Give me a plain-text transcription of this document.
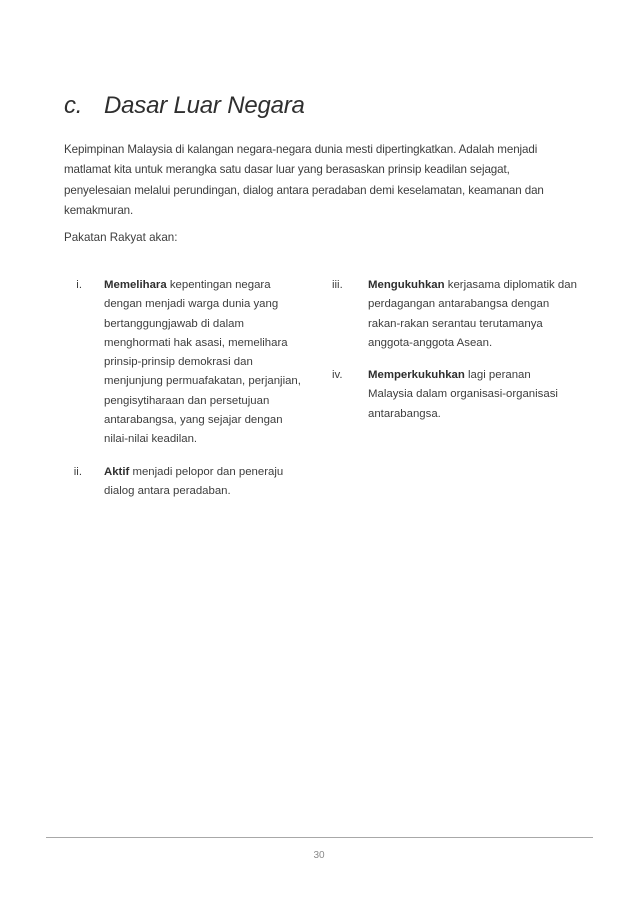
c. Dasar Luar Negara

Kepimpinan Malaysia di kalangan negara-negara dunia mesti dipertingkatkan. Adalah menjadi matlamat kita untuk merangka satu dasar luar yang berasaskan prinsip keadilan sejagat, penyelesaian melalui perundingan, dialog antara peradaban demi keselamatan, keamanan dan kemakmuran.

Pakatan Rakyat akan:

i.	Memelihara kepentingan negara dengan menjadi warga dunia yang bertanggungjawab di dalam menghormati hak asasi, memelihara prinsip-prinsip demokrasi dan menjunjung permuafakatan, perjanjian, pengisytiharaan dan persetujuan antarabangsa, yang sejajar dengan nilai-nilai keadilan.
ii.	Aktif menjadi pelopor dan peneraju dialog antara peradaban.
iii.	Mengukuhkan kerjasama diplomatik dan perdagangan antarabangsa dengan rakan-rakan serantau terutamanya anggota-anggota Asean.
iv.	Memperkukuhkan lagi peranan Malaysia dalam organisasi-organisasi antarabangsa.
30
